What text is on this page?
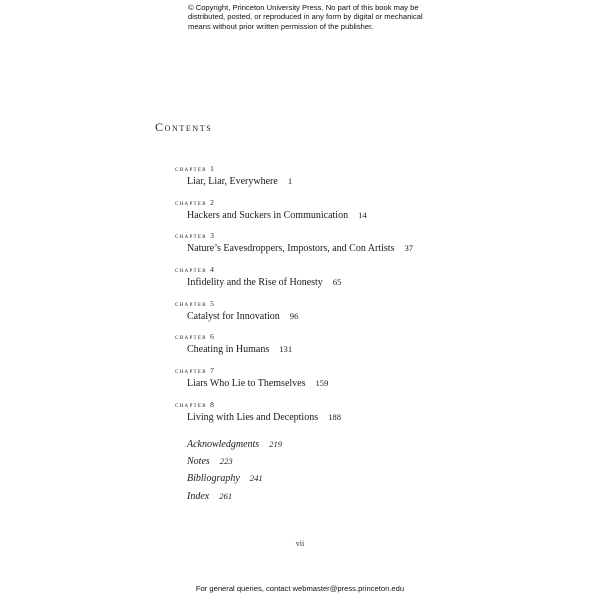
© Copyright, Princeton University Press. No part of this book may be
distributed, posted, or reproduced in any form by digital or mechanical
means without prior written permission of the publisher.
Contents
chapter 1
Liar, Liar, Everywhere 1
chapter 2
Hackers and Suckers in Communication 14
chapter 3
Nature’s Eavesdroppers, Impostors, and Con Artists 37
chapter 4
Infidelity and the Rise of Honesty 65
chapter 5
Catalyst for Innovation 96
chapter 6
Cheating in Humans 131
chapter 7
Liars Who Lie to Themselves 159
chapter 8
Living with Lies and Deceptions 188
Acknowledgments 219
Notes 223
Bibliography 241
Index 261
vii
For general queries, contact webmaster@press.princeton.edu
